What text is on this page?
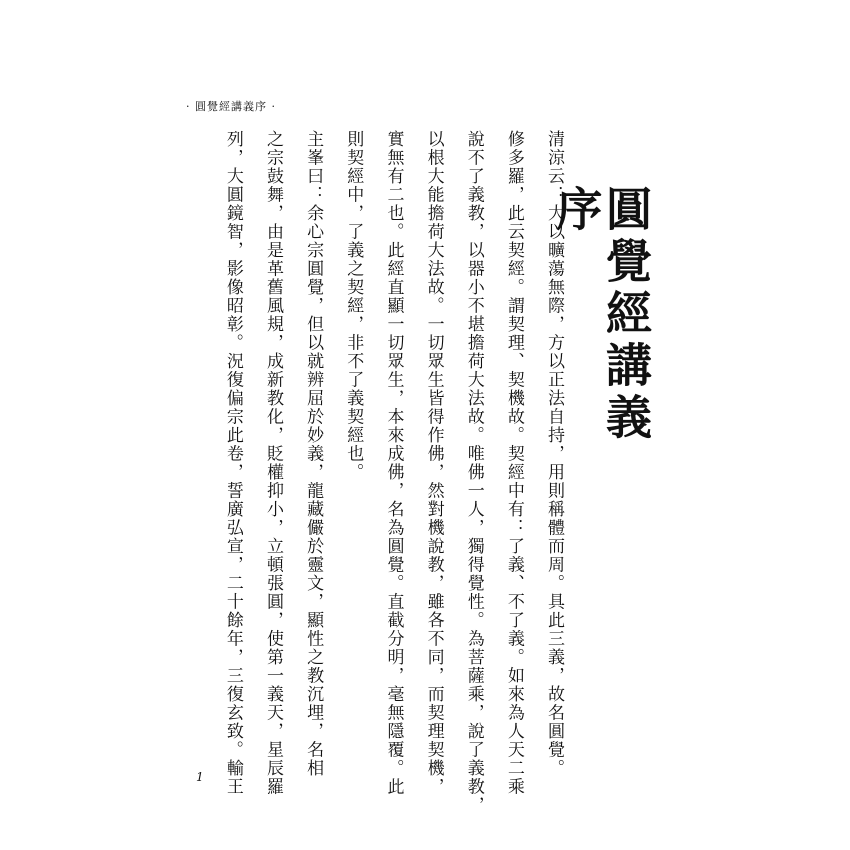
· 圓覺經講義序 ·
圓覺經講義序
清涼云：大以曠蕩無際，方以正法自持，用則稱體而周。具此三義，故名圓覺。
修多羅，此云契經。謂契理、契機故。契經中有：了義、不了義。如來為人天二乘
說不了義教，以器小不堪擔荷大法故。唯佛一人，獨得覺性。為菩薩乘，說了義教，
以根大能擔荷大法故。一切眾生皆得作佛，然對機說教，雖各不同，而契理契機，
實無有二也。此經直顯一切眾生，本來成佛，名為圓覺。直截分明，毫無隱覆。此
則契經中，了義之契經，非不了義契經也。
主峯曰：余心宗圓覺，但以就辨屈於妙義，龍藏儼於靈文，顯性之教沉埋，名相
之宗鼓舞，由是革舊風規，成新教化，貶權抑小，立頓張圓，使第一義天，星辰羅
列，大圓鏡智，影像昭彰。況復偏宗此卷，誓廣弘宣，二十餘年，三復玄致。輸王
1
